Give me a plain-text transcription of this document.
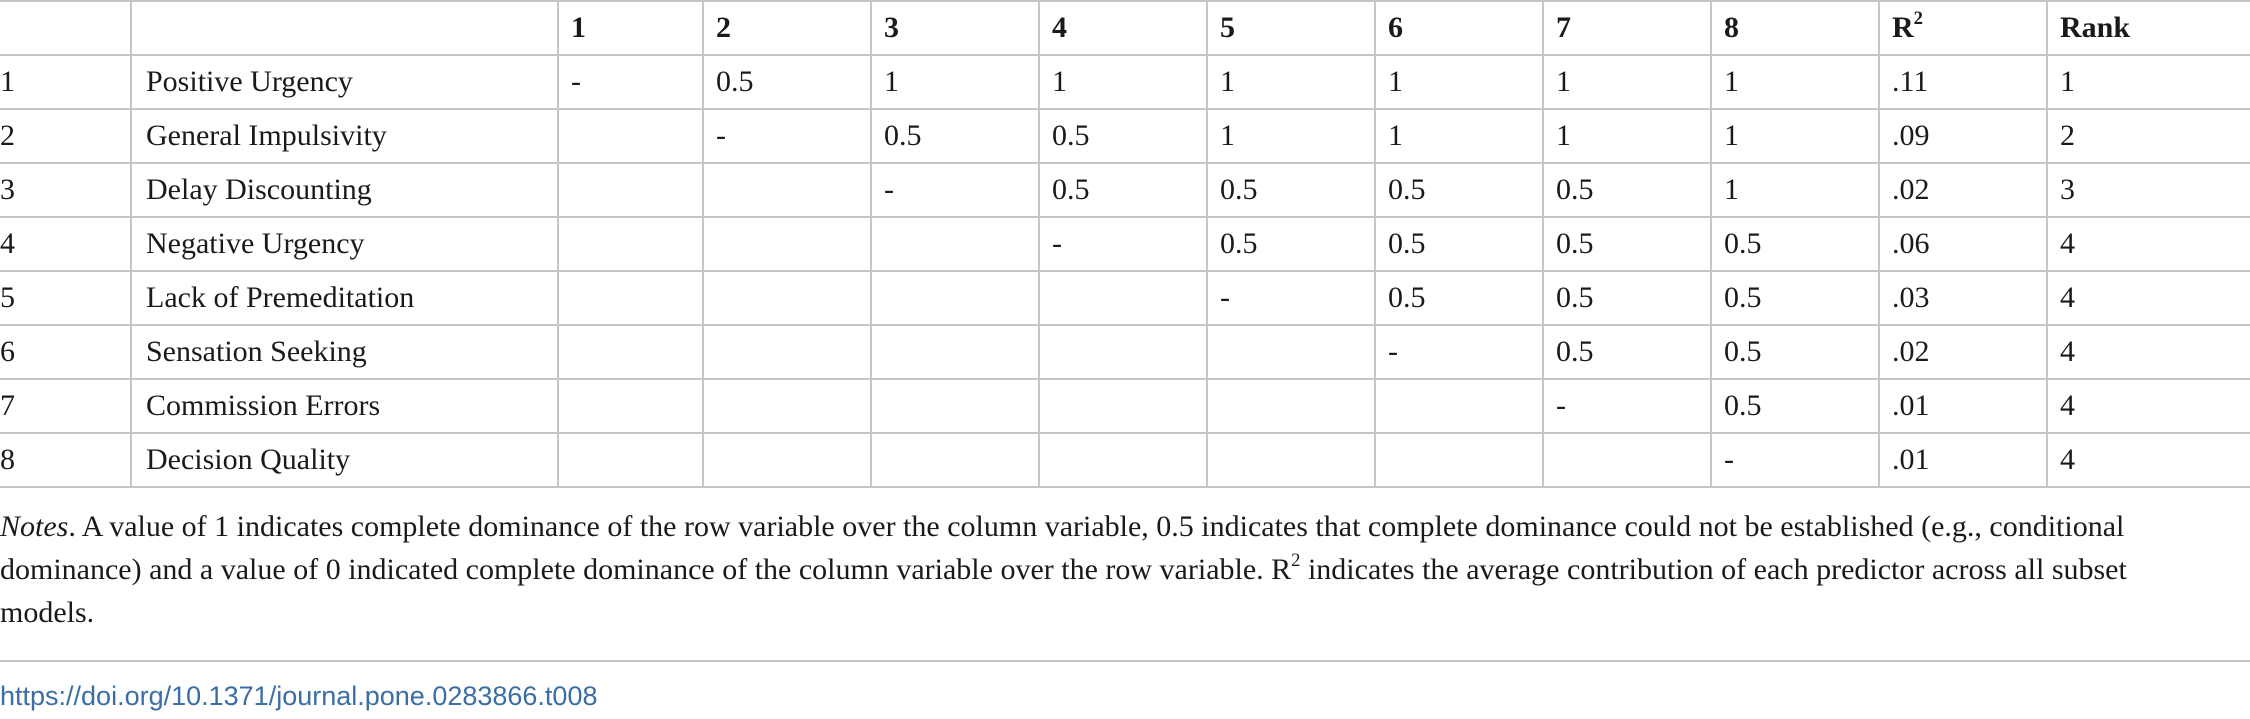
		1	2	3	4	5	6	7	8	$R^2$	Rank
1	Positive Urgency	-	0.5	1	1	1	1	1	1	.11	1
2	General Impulsivity		-	0.5	0.5	1	1	1	1	.09	2
3	Delay Discounting			-	0.5	0.5	0.5	0.5	1	.02	3
4	Negative Urgency				-	0.5	0.5	0.5	0.5	.06	4
5	Lack of Premeditation					-	0.5	0.5	0.5	.03	4
6	Sensation Seeking						-	0.5	0.5	.02	4
7	Commission Errors							-	0.5	.01	4
8	Decision Quality								-	.01	4
Notes. A value of 1 indicates complete dominance of the row variable over the column variable, 0.5 indicates that complete dominance could not be established (e.g., conditional dominance) and a value of 0 indicated complete dominance of the column variable over the row variable. $R^2$ indicates the average contribution of each predictor across all subset models.
https://doi.org/10.1371/journal.pone.0283866.t008
